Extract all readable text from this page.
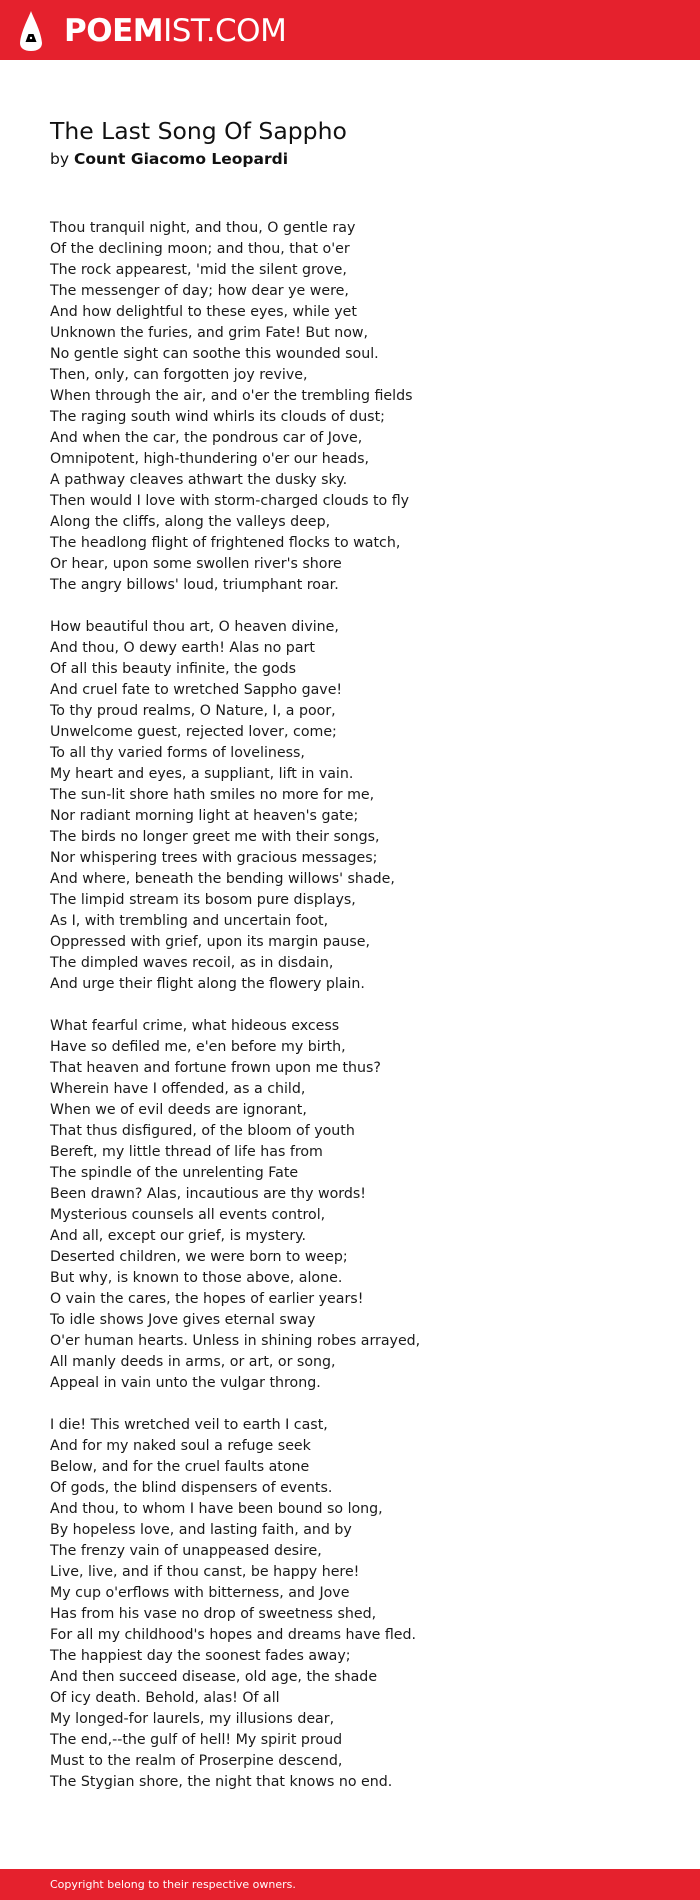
POEMIST.COM
The Last Song Of Sappho
by Count Giacomo Leopardi
Thou tranquil night, and thou, O gentle ray
Of the declining moon; and thou, that o'er
The rock appearest, 'mid the silent grove,
The messenger of day; how dear ye were,
And how delightful to these eyes, while yet
Unknown the furies, and grim Fate! But now,
No gentle sight can soothe this wounded soul.
Then, only, can forgotten joy revive,
When through the air, and o'er the trembling fields
The raging south wind whirls its clouds of dust;
And when the car, the pondrous car of Jove,
Omnipotent, high-thundering o'er our heads,
A pathway cleaves athwart the dusky sky.
Then would I love with storm-charged clouds to fly
Along the cliffs, along the valleys deep,
The headlong flight of frightened flocks to watch,
Or hear, upon some swollen river's shore
The angry billows' loud, triumphant roar.
How beautiful thou art, O heaven divine,
And thou, O dewy earth! Alas no part
Of all this beauty infinite, the gods
And cruel fate to wretched Sappho gave!
To thy proud realms, O Nature, I, a poor,
Unwelcome guest, rejected lover, come;
To all thy varied forms of loveliness,
My heart and eyes, a suppliant, lift in vain.
The sun-lit shore hath smiles no more for me,
Nor radiant morning light at heaven's gate;
The birds no longer greet me with their songs,
Nor whispering trees with gracious messages;
And where, beneath the bending willows' shade,
The limpid stream its bosom pure displays,
As I, with trembling and uncertain foot,
Oppressed with grief, upon its margin pause,
The dimpled waves recoil, as in disdain,
And urge their flight along the flowery plain.
What fearful crime, what hideous excess
Have so defiled me, e'en before my birth,
That heaven and fortune frown upon me thus?
Wherein have I offended, as a child,
When we of evil deeds are ignorant,
That thus disfigured, of the bloom of youth
Bereft, my little thread of life has from
The spindle of the unrelenting Fate
Been drawn? Alas, incautious are thy words!
Mysterious counsels all events control,
And all, except our grief, is mystery.
Deserted children, we were born to weep;
But why, is known to those above, alone.
O vain the cares, the hopes of earlier years!
To idle shows Jove gives eternal sway
O'er human hearts. Unless in shining robes arrayed,
All manly deeds in arms, or art, or song,
Appeal in vain unto the vulgar throng.
I die! This wretched veil to earth I cast,
And for my naked soul a refuge seek
Below, and for the cruel faults atone
Of gods, the blind dispensers of events.
And thou, to whom I have been bound so long,
By hopeless love, and lasting faith, and by
The frenzy vain of unappeased desire,
Live, live, and if thou canst, be happy here!
My cup o'erflows with bitterness, and Jove
Has from his vase no drop of sweetness shed,
For all my childhood's hopes and dreams have fled.
The happiest day the soonest fades away;
And then succeed disease, old age, the shade
Of icy death. Behold, alas! Of all
My longed-for laurels, my illusions dear,
The end,--the gulf of hell! My spirit proud
Must to the realm of Proserpine descend,
The Stygian shore, the night that knows no end.
Copyright belong to their respective owners.
